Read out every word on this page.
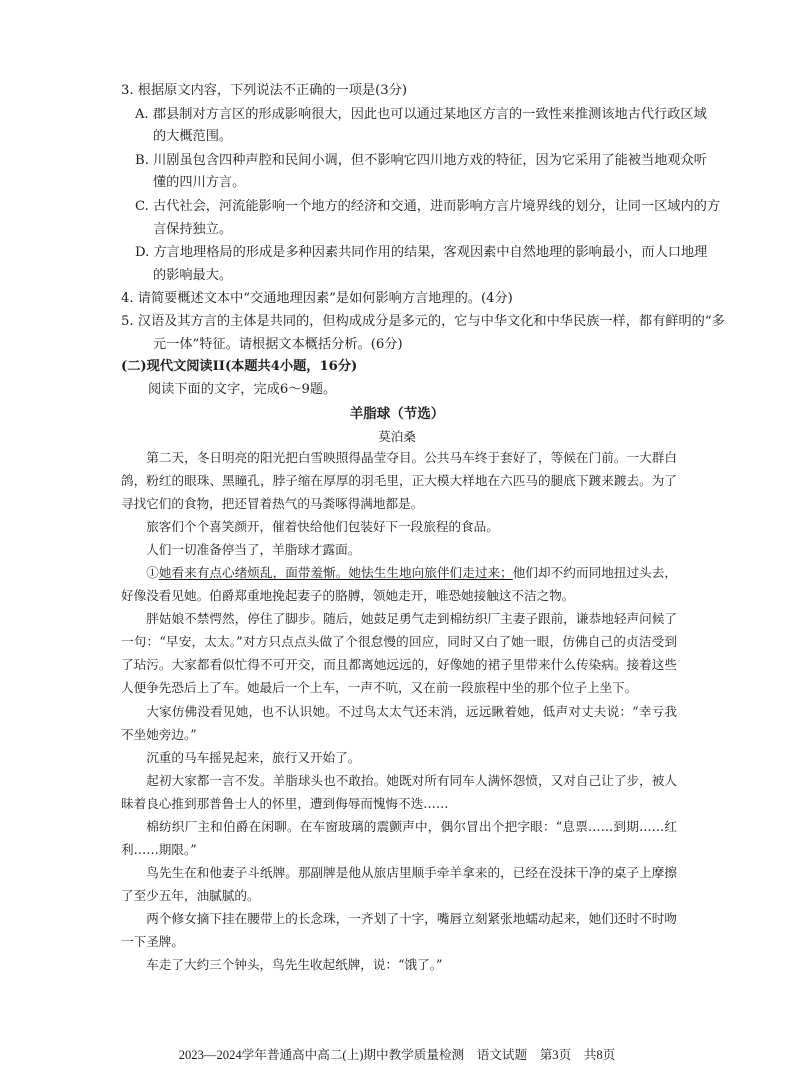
3. 根据原文内容，下列说法不正确的一项是(3分)
A. 郡县制对方言区的形成影响很大，因此也可以通过某地区方言的一致性来推测该地古代行政区域
的大概范围。
B. 川剧虽包含四种声腔和民间小调，但不影响它四川地方戏的特征，因为它采用了能被当地观众听
懂的四川方言。
C. 古代社会，河流能影响一个地方的经济和交通，进而影响方言片境界线的划分，让同一区域内的方
言保持独立。
D. 方言地理格局的形成是多种因素共同作用的结果，客观因素中自然地理的影响最小，而人口地理
的影响最大。
4. 请简要概述文本中“交通地理因素”是如何影响方言地理的。(4分)
5. 汉语及其方言的主体是共同的，但构成成分是多元的，它与中华文化和中华民族一样，都有鲜明的“多
元一体”特征。请根据文本概括分析。(6分)
(二)现代文阅读II(本题共4小题，16分)
阅读下面的文字，完成6～9题。
羊脂球（节选）
莫泊桑
第二天，冬日明亮的阳光把白雪映照得晶莹夺目。公共马车终于套好了，等候在门前。一大群白鸽，粉红的眼珠、黑瞳孔，脖子缩在厚厚的羽毛里，正大模大样地在六匹马的腿底下踱来踱去。为了寻找它们的食物，把还冒着热气的马粪啄得满地都是。
旅客们个个喜笑颜开，催着快给他们包装好下一段旅程的食品。
人们一切准备停当了，羊脂球才露面。
①她看来有点心绪烦乱，面带羞惭。她怯生生地向旅伴们走过来；他们却不约而同地扭过头去，好像没看见她。伯爵郑重地挽起妻子的胳膊，领她走开，唯恐她接触这不洁之物。
胖姑娘不禁愕然，停住了脚步。随后，她鼓足勇气走到棉纺织厂主妻子跟前，谦恭地轻声问候了一句：“早安，太太。”对方只点点头做了个很怠慢的回应，同时又白了她一眼，仿佛自己的贞洁受到了玷污。大家都看似忙得不可开交，而且都离她远远的，好像她的裙子里带来什么传染病。接着这些人便争先恐后上了车。她最后一个上车，一声不吭，又在前一段旅程中坐的那个位子上坐下。
大家仿佛没看见她，也不认识她。不过鸟太太气还未消，远远瞅着她，低声对丈夫说：“幸亏我不坐她旁边。”
沉重的马车摇晃起来，旅行又开始了。
起初大家都一言不发。羊脂球头也不敢抬。她既对所有同车人满怀怨愤，又对自己让了步，被人昧着良心推到那普鲁士人的怀里，遭到侮辱而愧悔不迭……
棉纺织厂主和伯爵在闲聊。在车窗玻璃的震颤声中，偶尔冒出个把字眼：“息票……到期……红利……期限。”
鸟先生在和他妻子斗纸牌。那副牌是他从旅店里顺手牵羊拿来的，已经在没抹干净的桌子上摩擦了至少五年，油腻腻的。
两个修女摘下挂在腰带上的长念珠，一齐划了十字，嘴唇立刻紧张地蠕动起来，她们还时不时吻一下圣牌。
车走了大约三个钟头，鸟先生收起纸牌，说：“饿了。”
2023—2024学年普通高中高二(上)期中教学质量检测　语文试题　第3页　共8页
